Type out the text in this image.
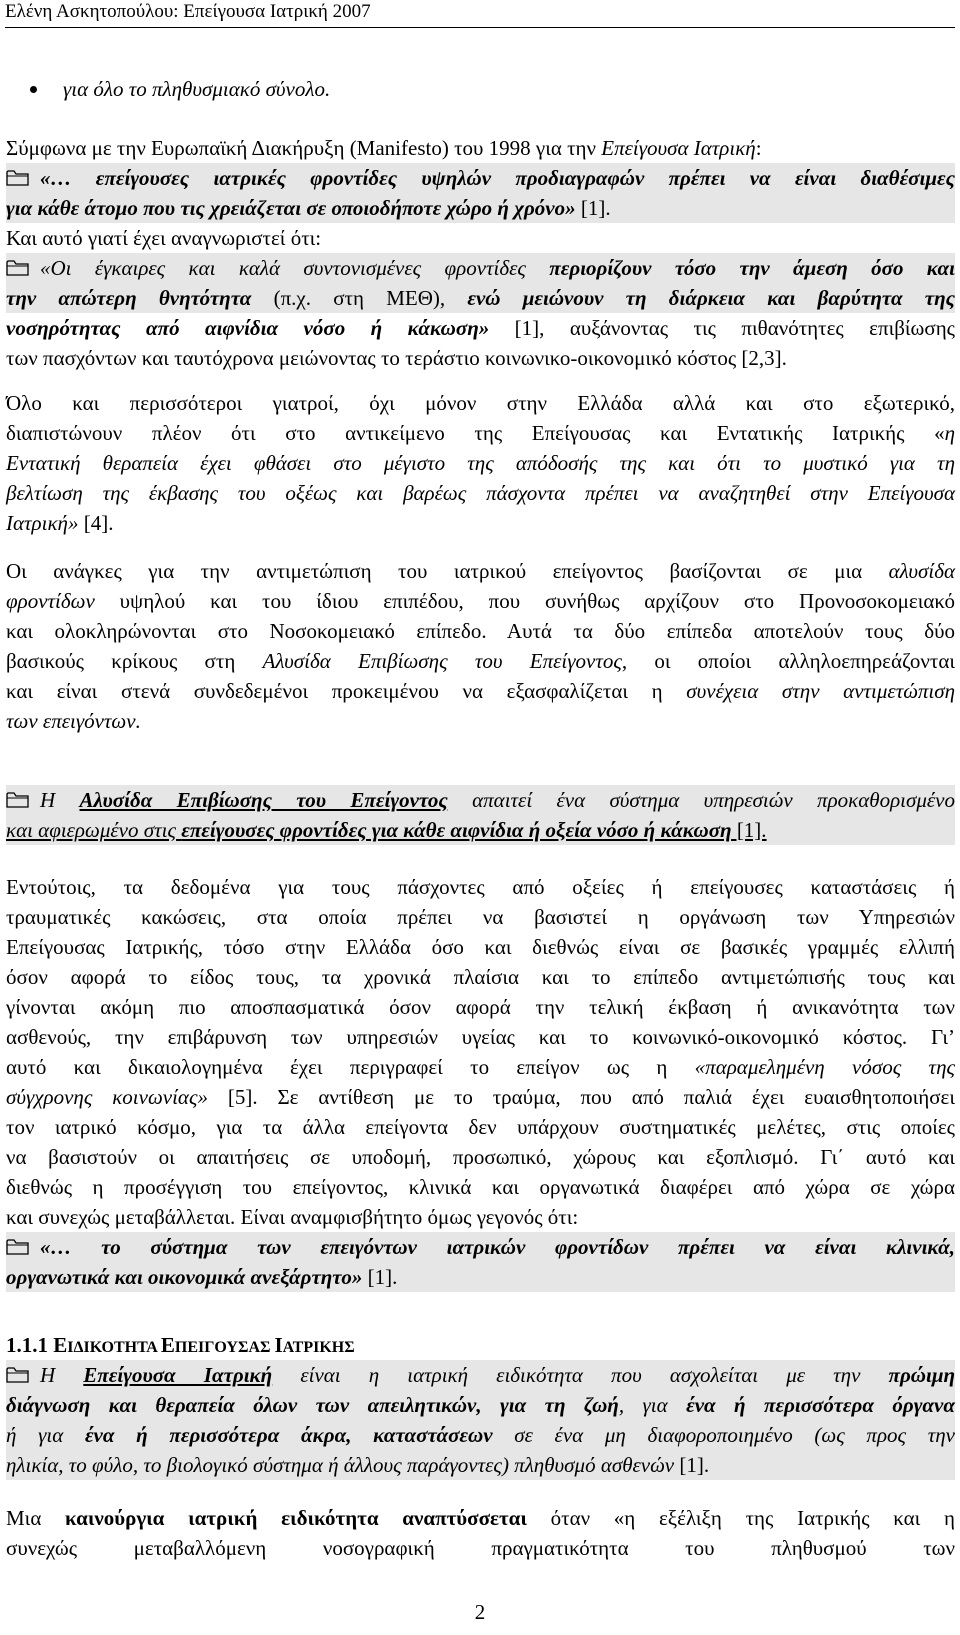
Ελένη Ασκητοπούλου: Επείγουσα Ιατρική 2007
για όλο το πληθυσμιακό σύνολο.
Σύμφωνα με την Ευρωπαϊκή Διακήρυξη (Manifesto) του 1998 για την Επείγουσα Ιατρική:
«… επείγουσες ιατρικές φροντίδες υψηλών προδιαγραφών πρέπει να είναι διαθέσιμες
για κάθε άτομο που τις χρειάζεται σε οποιοδήποτε χώρο ή χρόνο» [1].
Και αυτό γιατί έχει αναγνωριστεί ότι:
«Οι έγκαιρες και καλά συντονισμένες φροντίδες περιορίζουν τόσο την άμεση όσο και
την απώτερη θνητότητα (π.χ. στη ΜΕΘ), ενώ μειώνουν τη διάρκεια και βαρύτητα της
νοσηρότητας από αιφνίδια νόσο ή κάκωση» [1], αυξάνοντας τις πιθανότητες επιβίωσης
των πασχόντων και ταυτόχρονα μειώνοντας το τεράστιο κοινωνικο-οικονομικό κόστος [2,3].
Όλο και περισσότεροι γιατροί, όχι μόνον στην Ελλάδα αλλά και στο εξωτερικό,
διαπιστώνουν πλέον ότι στο αντικείμενο της Επείγουσας και Εντατικής Ιατρικής «η
Εντατική θεραπεία έχει φθάσει στο μέγιστο της απόδοσής της και ότι το μυστικό για τη
βελτίωση της έκβασης του οξέως και βαρέως πάσχοντα πρέπει να αναζητηθεί στην Επείγουσα
Ιατρική» [4].
Οι ανάγκες για την αντιμετώπιση του ιατρικού επείγοντος βασίζονται σε μια αλυσίδα
φροντίδων υψηλού και του ίδιου επιπέδου, που συνήθως αρχίζουν στο Προνοσοκομειακό
και ολοκληρώνονται στο Νοσοκομειακό επίπεδο. Αυτά τα δύο επίπεδα αποτελούν τους δύο
βασικούς κρίκους στη Αλυσίδα Επιβίωσης του Επείγοντος, οι οποίοι αλληλοεπηρεάζονται
και είναι στενά συνδεδεμένοι προκειμένου να εξασφαλίζεται η συνέχεια στην αντιμετώπιση
των επειγόντων.
Η Αλυσίδα Επιβίωσης του Επείγοντος απαιτεί ένα σύστημα υπηρεσιών προκαθορισμένο
και αφιερωμένο στις επείγουσες φροντίδες για κάθε αιφνίδια ή οξεία νόσο ή κάκωση [1].
Εντούτοις, τα δεδομένα για τους πάσχοντες από οξείες ή επείγουσες καταστάσεις ή
τραυματικές κακώσεις, στα οποία πρέπει να βασιστεί η οργάνωση των Υπηρεσιών
Επείγουσας Ιατρικής, τόσο στην Ελλάδα όσο και διεθνώς είναι σε βασικές γραμμές ελλιπή
όσον αφορά το είδος τους, τα χρονικά πλαίσια και το επίπεδο αντιμετώπισής τους και
γίνονται ακόμη πιο αποσπασματικά όσον αφορά την τελική έκβαση ή ανικανότητα των
ασθενούς, την επιβάρυνση των υπηρεσιών υγείας και το κοινωνικό-οικονομικό κόστος. Γι’
αυτό και δικαιολογημένα έχει περιγραφεί το επείγον ως η «παραμελημένη νόσος της
σύγχρονης κοινωνίας» [5]. Σε αντίθεση με το τραύμα, που από παλιά έχει ευαισθητοποιήσει
τον ιατρικό κόσμο, για τα άλλα επείγοντα δεν υπάρχουν συστηματικές μελέτες, στις οποίες
να βασιστούν οι απαιτήσεις σε υποδομή, προσωπικό, χώρους και εξοπλισμό. Γι΄ αυτό και
διεθνώς η προσέγγιση του επείγοντος, κλινικά και οργανωτικά διαφέρει από χώρα σε χώρα
και συνεχώς μεταβάλλεται. Είναι αναμφισβήτητο όμως γεγονός ότι:
«… το σύστημα των επειγόντων ιατρικών φροντίδων πρέπει να είναι κλινικά,
οργανωτικά και οικονομικά ανεξάρτητο» [1].
1.1.1 ΕΙΔΙΚΟΤΗΤΑ ΕΠΕΙΓΟΥΣΑΣ ΙΑΤΡΙΚΗΣ
Η Επείγουσα Ιατρική είναι η ιατρική ειδικότητα που ασχολείται με την πρώιμη
διάγνωση και θεραπεία όλων των απειλητικών, για τη ζωή, για ένα ή περισσότερα όργανα
ή για ένα ή περισσότερα άκρα, καταστάσεων σε ένα μη διαφοροποιημένο (ως προς την
ηλικία, το φύλο, το βιολογικό σύστημα ή άλλους παράγοντες) πληθυσμό ασθενών [1].
Μια καινούργια ιατρική ειδικότητα αναπτύσσεται όταν «η εξέλιξη της Ιατρικής και η
συνεχώς μεταβαλλόμενη νοσογραφική πραγματικότητα του πληθυσμού των
2
